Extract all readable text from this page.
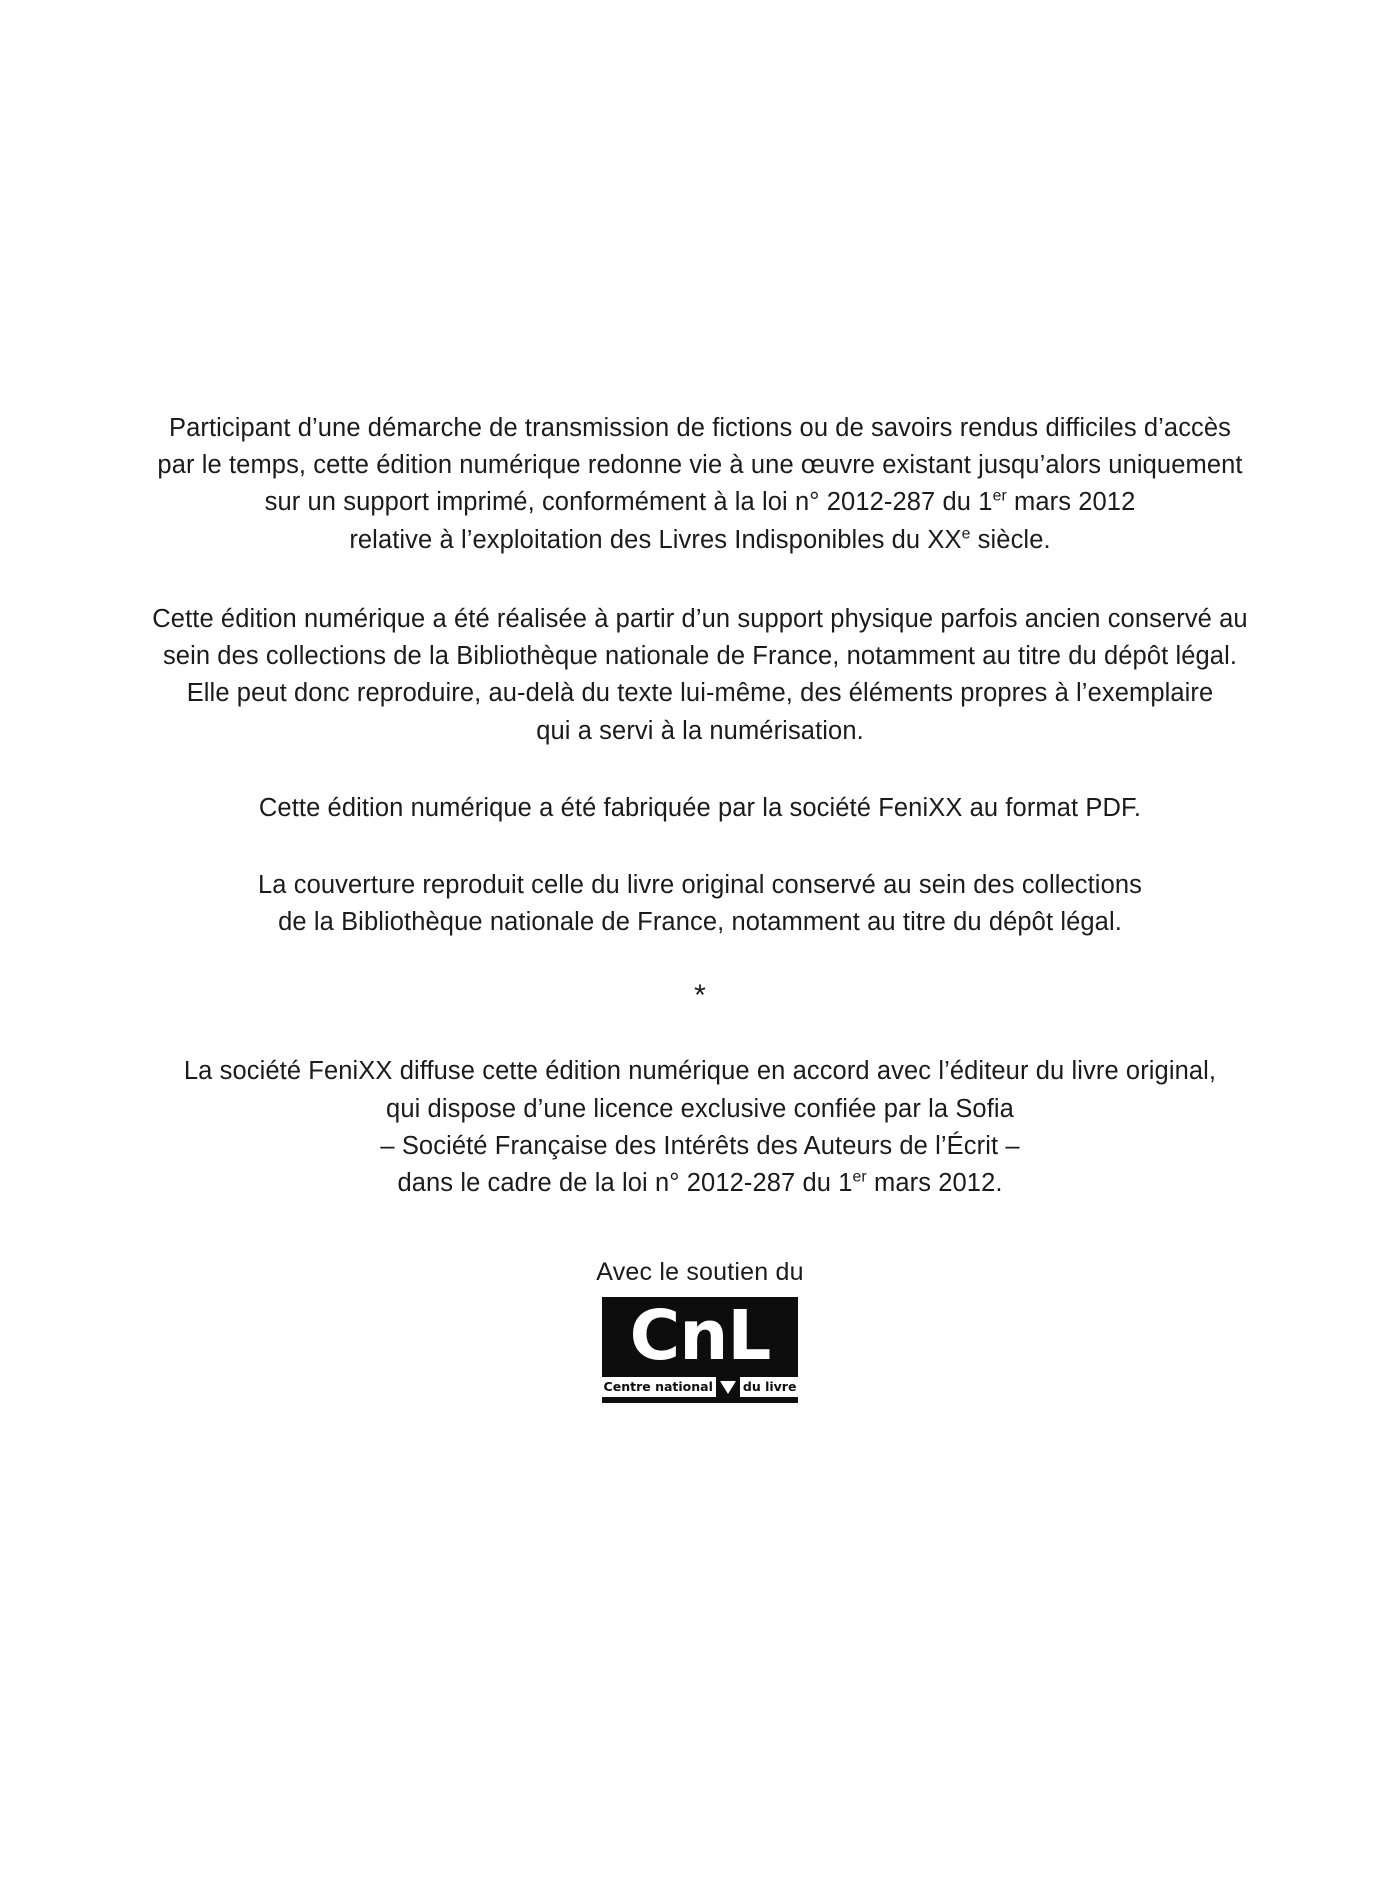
Participant d’une démarche de transmission de fictions ou de savoirs rendus difficiles d’accès
par le temps, cette édition numérique redonne vie à une œuvre existant jusqu’alors uniquement
sur un support imprimé, conformément à la loi n° 2012-287 du 1er mars 2012
relative à l’exploitation des Livres Indisponibles du XXe siècle.

Cette édition numérique a été réalisée à partir d’un support physique parfois ancien conservé au
sein des collections de la Bibliothèque nationale de France, notamment au titre du dépôt légal.
Elle peut donc reproduire, au-delà du texte lui-même, des éléments propres à l’exemplaire
qui a servi à la numérisation.

Cette édition numérique a été fabriquée par la société FeniXX au format PDF.

La couverture reproduit celle du livre original conservé au sein des collections
de la Bibliothèque nationale de France, notamment au titre du dépôt légal.

*

La société FeniXX diffuse cette édition numérique en accord avec l’éditeur du livre original,
qui dispose d’une licence exclusive confiée par la Sofia
– Société Française des Intérêts des Auteurs de l’Écrit –
dans le cadre de la loi n° 2012-287 du 1er mars 2012.

Avec le soutien du
CnL
Centre national du livre
